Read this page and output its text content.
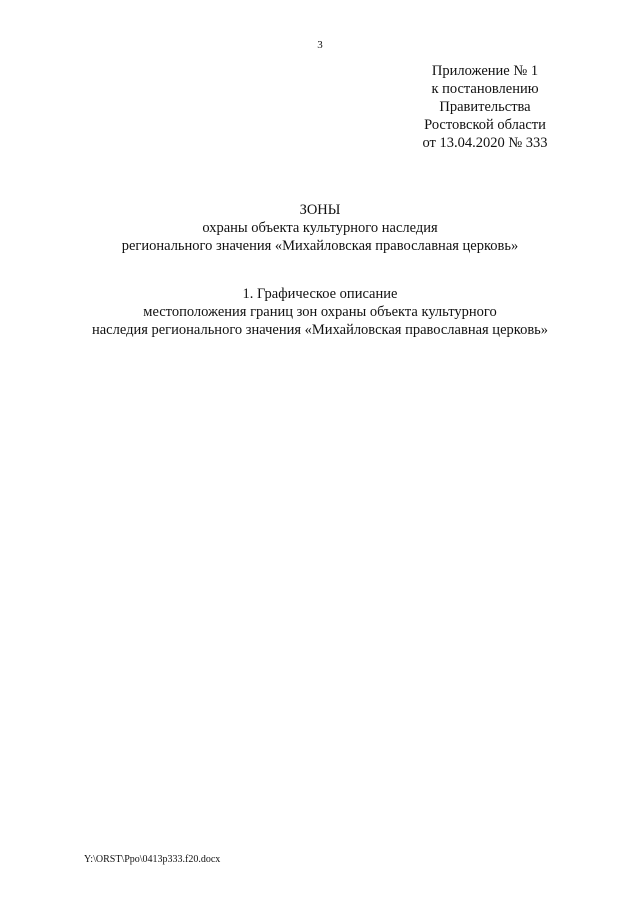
3
Приложение № 1
к постановлению
Правительства
Ростовской области
от 13.04.2020 № 333
ЗОНЫ
охраны объекта культурного наследия
регионального значения «Михайловская православная церковь»
1. Графическое описание
местоположения границ зон охраны объекта культурного
наследия регионального значения «Михайловская православная церковь»
Y:\ORST\Ppo\0413p333.f20.docx
